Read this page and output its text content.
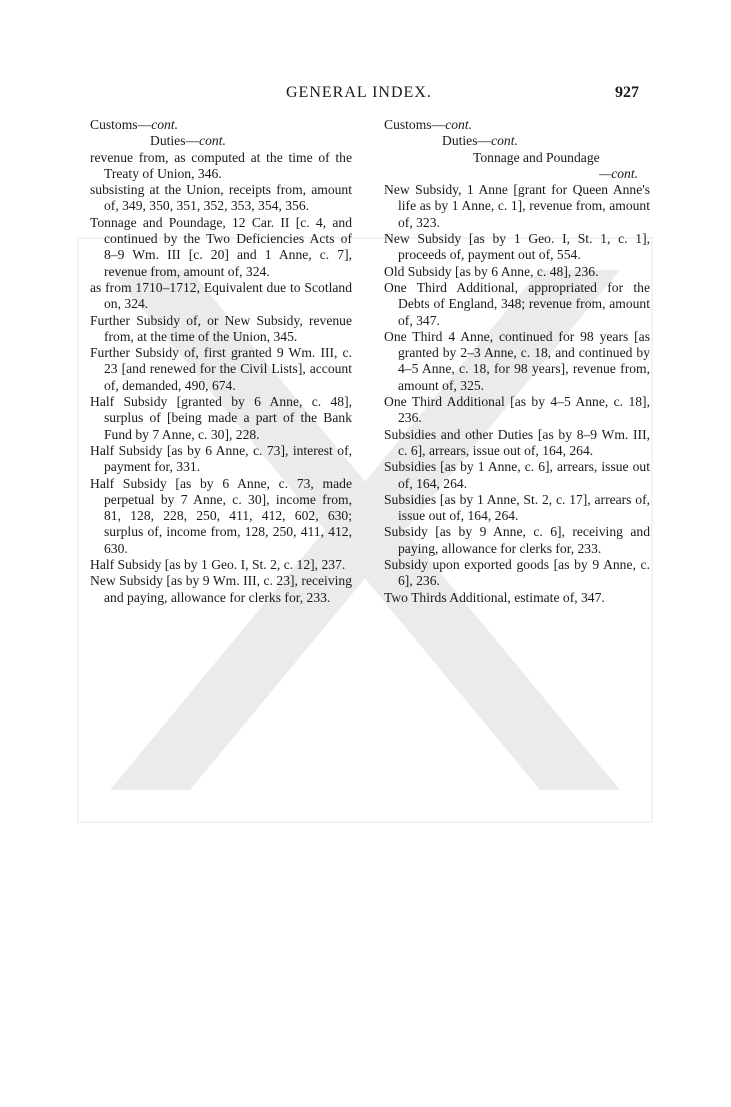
GENERAL INDEX.	927
Customs—cont.
Duties—cont.

revenue from, as computed at the time of the Treaty of Union, 346.

subsisting at the Union, receipts from, amount of, 349, 350, 351, 352, 353, 354, 356.

Tonnage and Poundage, 12 Car. II [c. 4, and continued by the Two Deficiencies Acts of 8–9 Wm. III [c. 20] and 1 Anne, c. 7], revenue from, amount of, 324.

as from 1710–1712, Equivalent due to Scotland on, 324.

Further Subsidy of, or New Subsidy, revenue from, at the time of the Union, 345.

Further Subsidy of, first granted 9 Wm. III, c. 23 [and renewed for the Civil Lists], account of, demanded, 490, 674.

Half Subsidy [granted by 6 Anne, c. 48], surplus of [being made a part of the Bank Fund by 7 Anne, c. 30], 228.

Half Subsidy [as by 6 Anne, c. 73], interest of, payment for, 331.

Half Subsidy [as by 6 Anne, c. 73, made perpetual by 7 Anne, c. 30], income from, 81, 128, 228, 250, 411, 412, 602, 630; surplus of, income from, 128, 250, 411, 412, 630.

Half Subsidy [as by 1 Geo. I, St. 2, c. 12], 237.

New Subsidy [as by 9 Wm. III, c. 23], receiving and paying, allowance for clerks for, 233.

Customs—cont.
Duties—cont.
Tonnage and Poundage
—cont.

New Subsidy, 1 Anne [grant for Queen Anne's life as by 1 Anne, c. 1], revenue from, amount of, 323.

New Subsidy [as by 1 Geo. I, St. 1, c. 1], proceeds of, payment out of, 554.

Old Subsidy [as by 6 Anne, c. 48], 236.

One Third Additional, appropriated for the Debts of England, 348; revenue from, amount of, 347.

One Third 4 Anne, continued for 98 years [as granted by 2–3 Anne, c. 18, and continued by 4–5 Anne, c. 18, for 98 years], revenue from, amount of, 325.

One Third Additional [as by 4–5 Anne, c. 18], 236.

Subsidies and other Duties [as by 8–9 Wm. III, c. 6], arrears, issue out of, 164, 264.

Subsidies [as by 1 Anne, c. 6], arrears, issue out of, 164, 264.

Subsidies [as by 1 Anne, St. 2, c. 17], arrears of, issue out of, 164, 264.

Subsidy [as by 9 Anne, c. 6], receiving and paying, allowance for clerks for, 233.

Subsidy upon exported goods [as by 9 Anne, c. 6], 236.

Two Thirds Additional, estimate of, 347.
